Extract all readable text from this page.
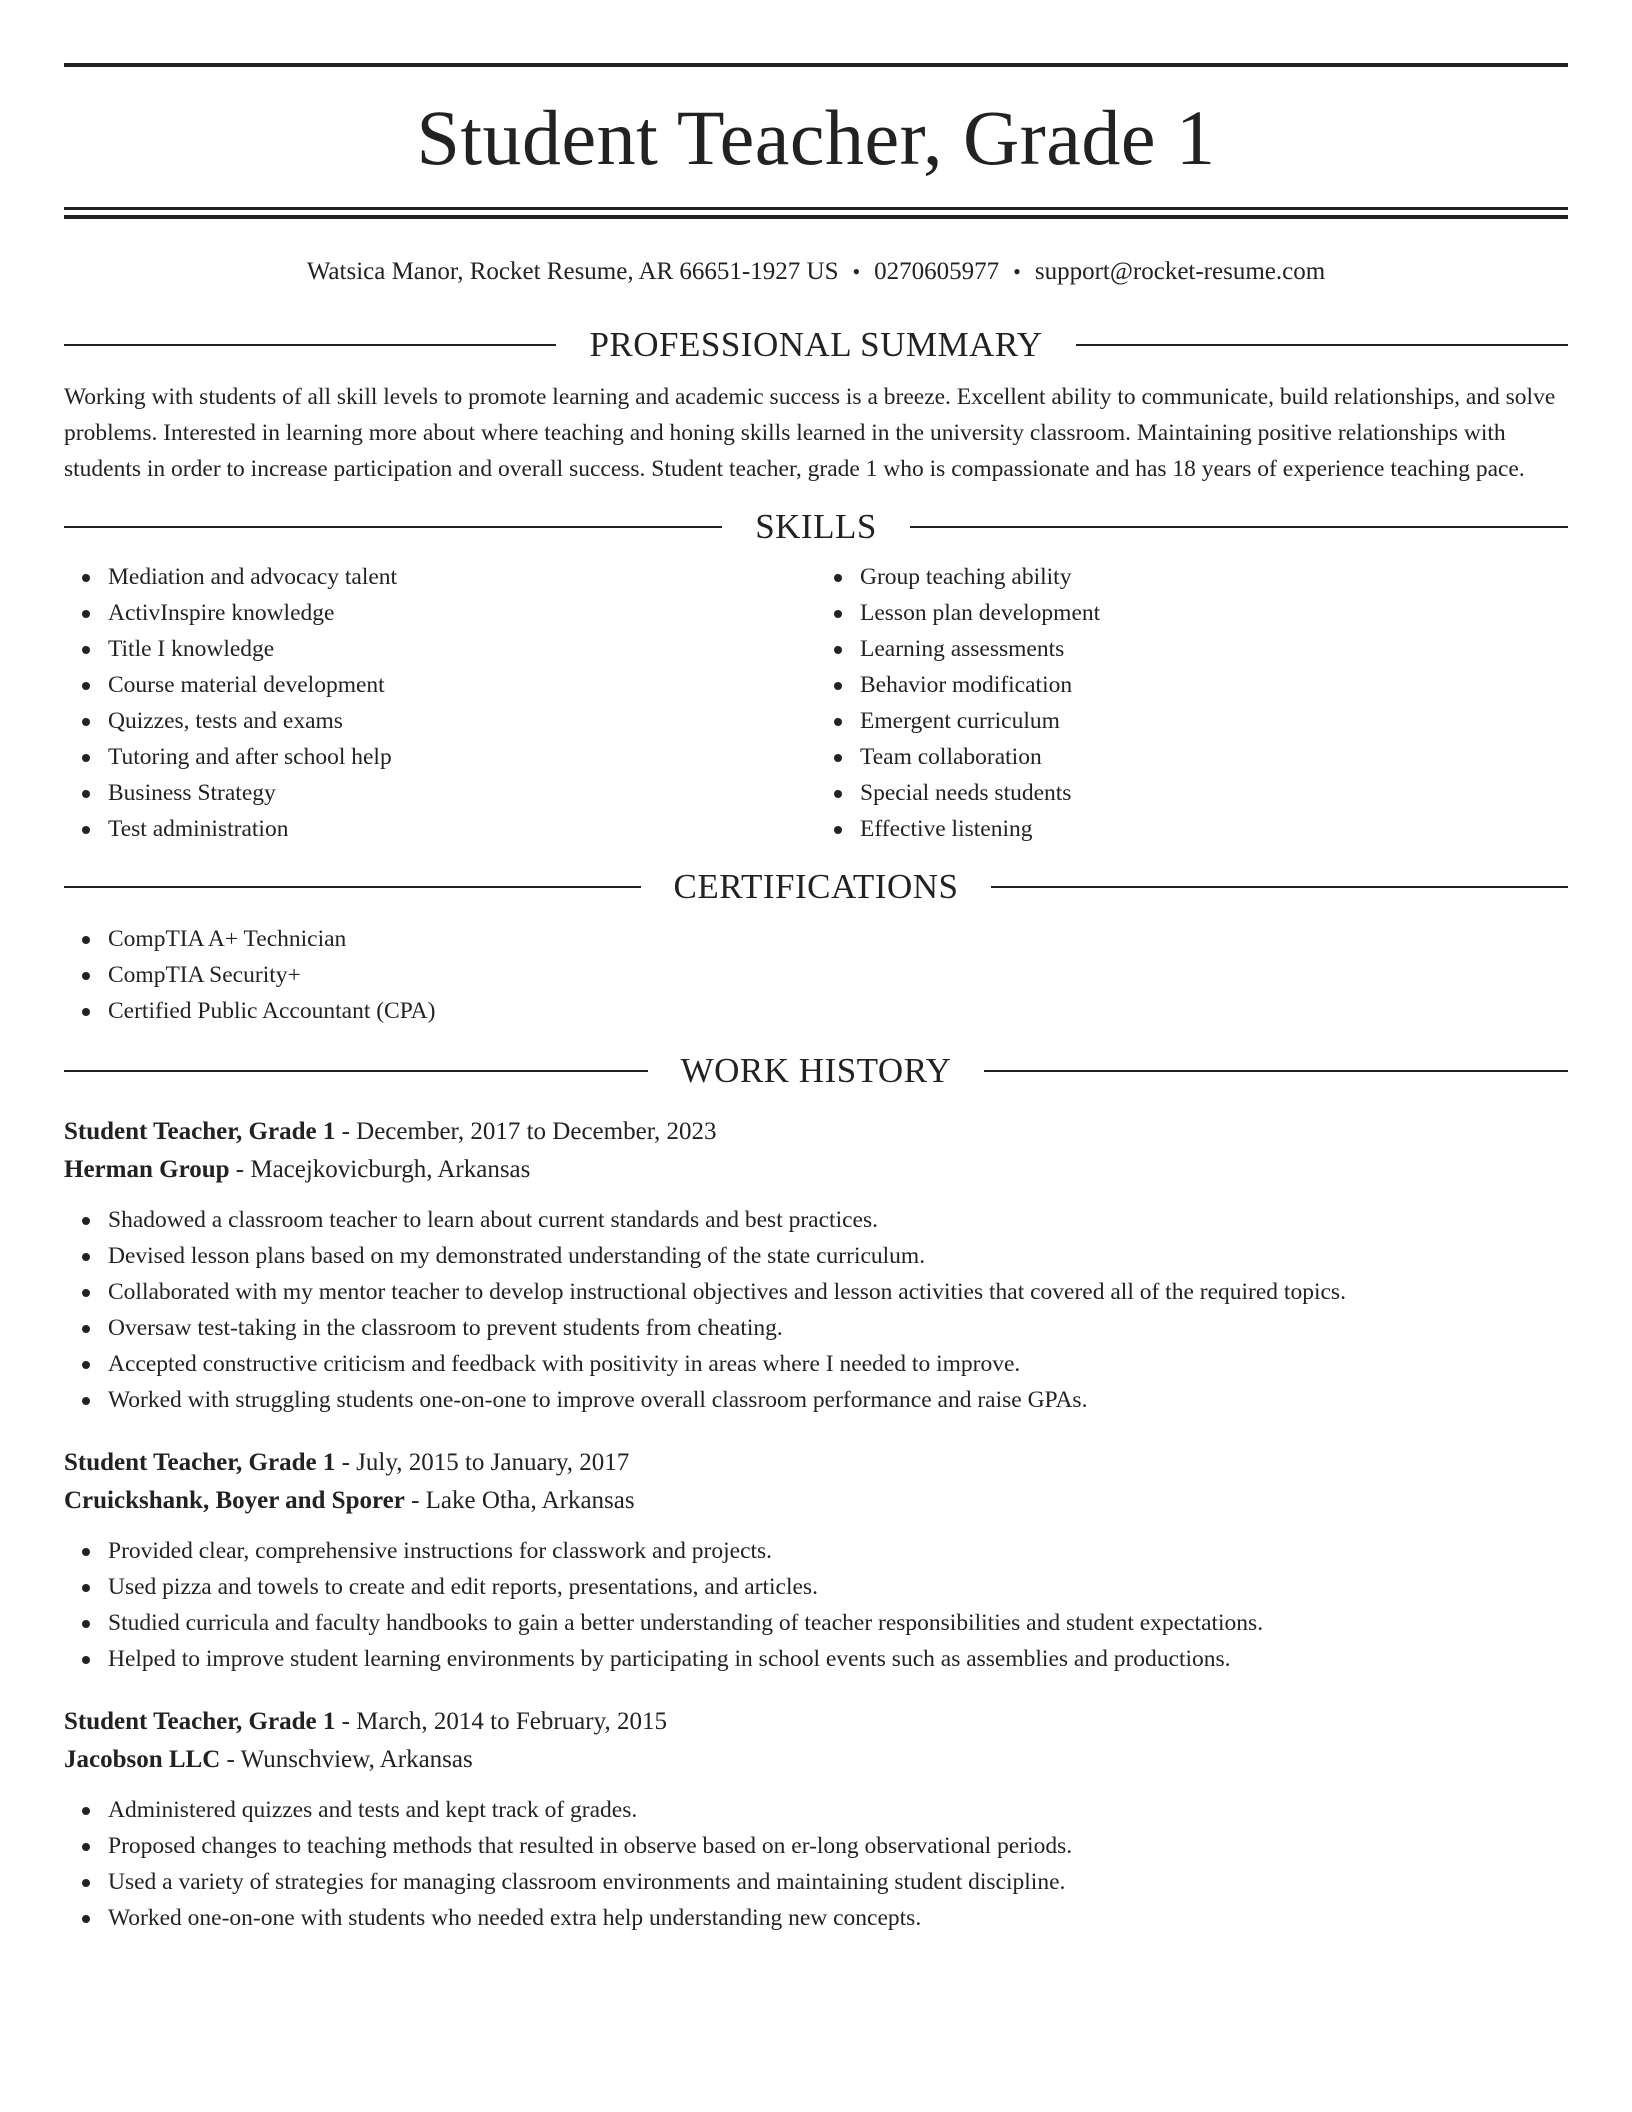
Student Teacher, Grade 1
Watsica Manor, Rocket Resume, AR 66651-1927 US • 0270605977 • support@rocket-resume.com
PROFESSIONAL SUMMARY

Working with students of all skill levels to promote learning and academic success is a breeze. Excellent ability to communicate, build relationships, and solve problems. Interested in learning more about where teaching and honing skills learned in the university classroom. Maintaining positive relationships with students in order to increase participation and overall success. Student teacher, grade 1 who is compassionate and has 18 years of experience teaching pace.

SKILLS
Mediation and advocacy talent
ActivInspire knowledge
Title I knowledge
Course material development
Quizzes, tests and exams
Tutoring and after school help
Business Strategy
Test administration
Group teaching ability
Lesson plan development
Learning assessments
Behavior modification
Emergent curriculum
Team collaboration
Special needs students
Effective listening
CERTIFICATIONS
CompTIA A+ Technician
CompTIA Security+
Certified Public Accountant (CPA)
WORK HISTORY
Student Teacher, Grade 1 - December, 2017 to December, 2023
Herman Group - Macejkovicburgh, Arkansas
Shadowed a classroom teacher to learn about current standards and best practices.
Devised lesson plans based on my demonstrated understanding of the state curriculum.
Collaborated with my mentor teacher to develop instructional objectives and lesson activities that covered all of the required topics.
Oversaw test-taking in the classroom to prevent students from cheating.
Accepted constructive criticism and feedback with positivity in areas where I needed to improve.
Worked with struggling students one-on-one to improve overall classroom performance and raise GPAs.
Student Teacher, Grade 1 - July, 2015 to January, 2017
Cruickshank, Boyer and Sporer - Lake Otha, Arkansas
Provided clear, comprehensive instructions for classwork and projects.
Used pizza and towels to create and edit reports, presentations, and articles.
Studied curricula and faculty handbooks to gain a better understanding of teacher responsibilities and student expectations.
Helped to improve student learning environments by participating in school events such as assemblies and productions.
Student Teacher, Grade 1 - March, 2014 to February, 2015
Jacobson LLC - Wunschview, Arkansas
Administered quizzes and tests and kept track of grades.
Proposed changes to teaching methods that resulted in observe based on er-long observational periods.
Used a variety of strategies for managing classroom environments and maintaining student discipline.
Worked one-on-one with students who needed extra help understanding new concepts.
